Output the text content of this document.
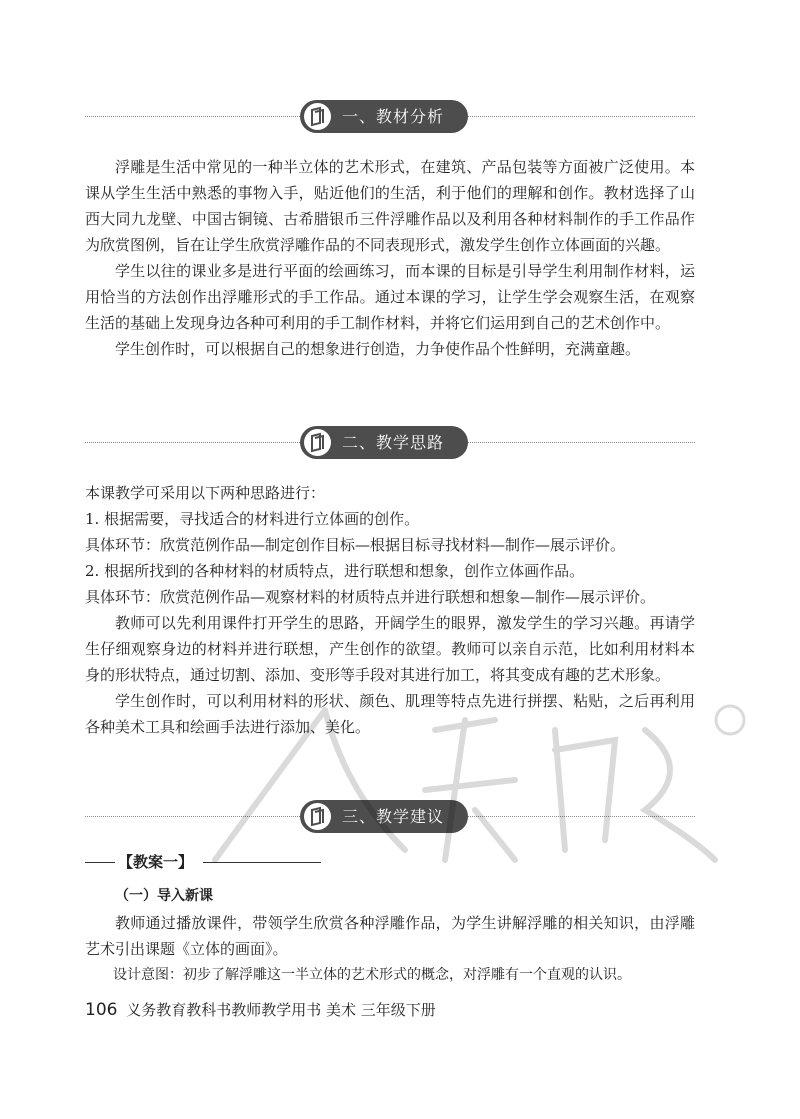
一、教材分析

浮雕是生活中常见的一种半立体的艺术形式，在建筑、产品包装等方面被广泛使用。本课从学生生活中熟悉的事物入手，贴近他们的生活，利于他们的理解和创作。教材选择了山西大同九龙壁、中国古铜镜、古希腊银币三件浮雕作品以及利用各种材料制作的手工作品作为欣赏图例，旨在让学生欣赏浮雕作品的不同表现形式，激发学生创作立体画面的兴趣。

学生以往的课业多是进行平面的绘画练习，而本课的目标是引导学生利用制作材料，运用恰当的方法创作出浮雕形式的手工作品。通过本课的学习，让学生学会观察生活，在观察生活的基础上发现身边各种可利用的手工制作材料，并将它们运用到自己的艺术创作中。

学生创作时，可以根据自己的想象进行创造，力争使作品个性鲜明，充满童趣。

二、教学思路

本课教学可采用以下两种思路进行：

1. 根据需要，寻找适合的材料进行立体画的创作。

具体环节：欣赏范例作品—制定创作目标—根据目标寻找材料—制作—展示评价。

2. 根据所找到的各种材料的材质特点，进行联想和想象，创作立体画作品。

具体环节：欣赏范例作品—观察材料的材质特点并进行联想和想象—制作—展示评价。

教师可以先利用课件打开学生的思路，开阔学生的眼界，激发学生的学习兴趣。再请学生仔细观察身边的材料并进行联想，产生创作的欲望。教师可以亲自示范，比如利用材料本身的形状特点，通过切割、添加、变形等手段对其进行加工，将其变成有趣的艺术形象。

学生创作时，可以利用材料的形状、颜色、肌理等特点先进行拼摆、粘贴，之后再利用各种美术工具和绘画手法进行添加、美化。

三、教学建议
【教案一】
（一）导入新课

教师通过播放课件，带领学生欣赏各种浮雕作品，为学生讲解浮雕的相关知识，由浮雕艺术引出课题《立体的画面》。

设计意图：初步了解浮雕这一半立体的艺术形式的概念，对浮雕有一个直观的认识。

106 义务教育教科书教师教学用书 美术 三年级下册
